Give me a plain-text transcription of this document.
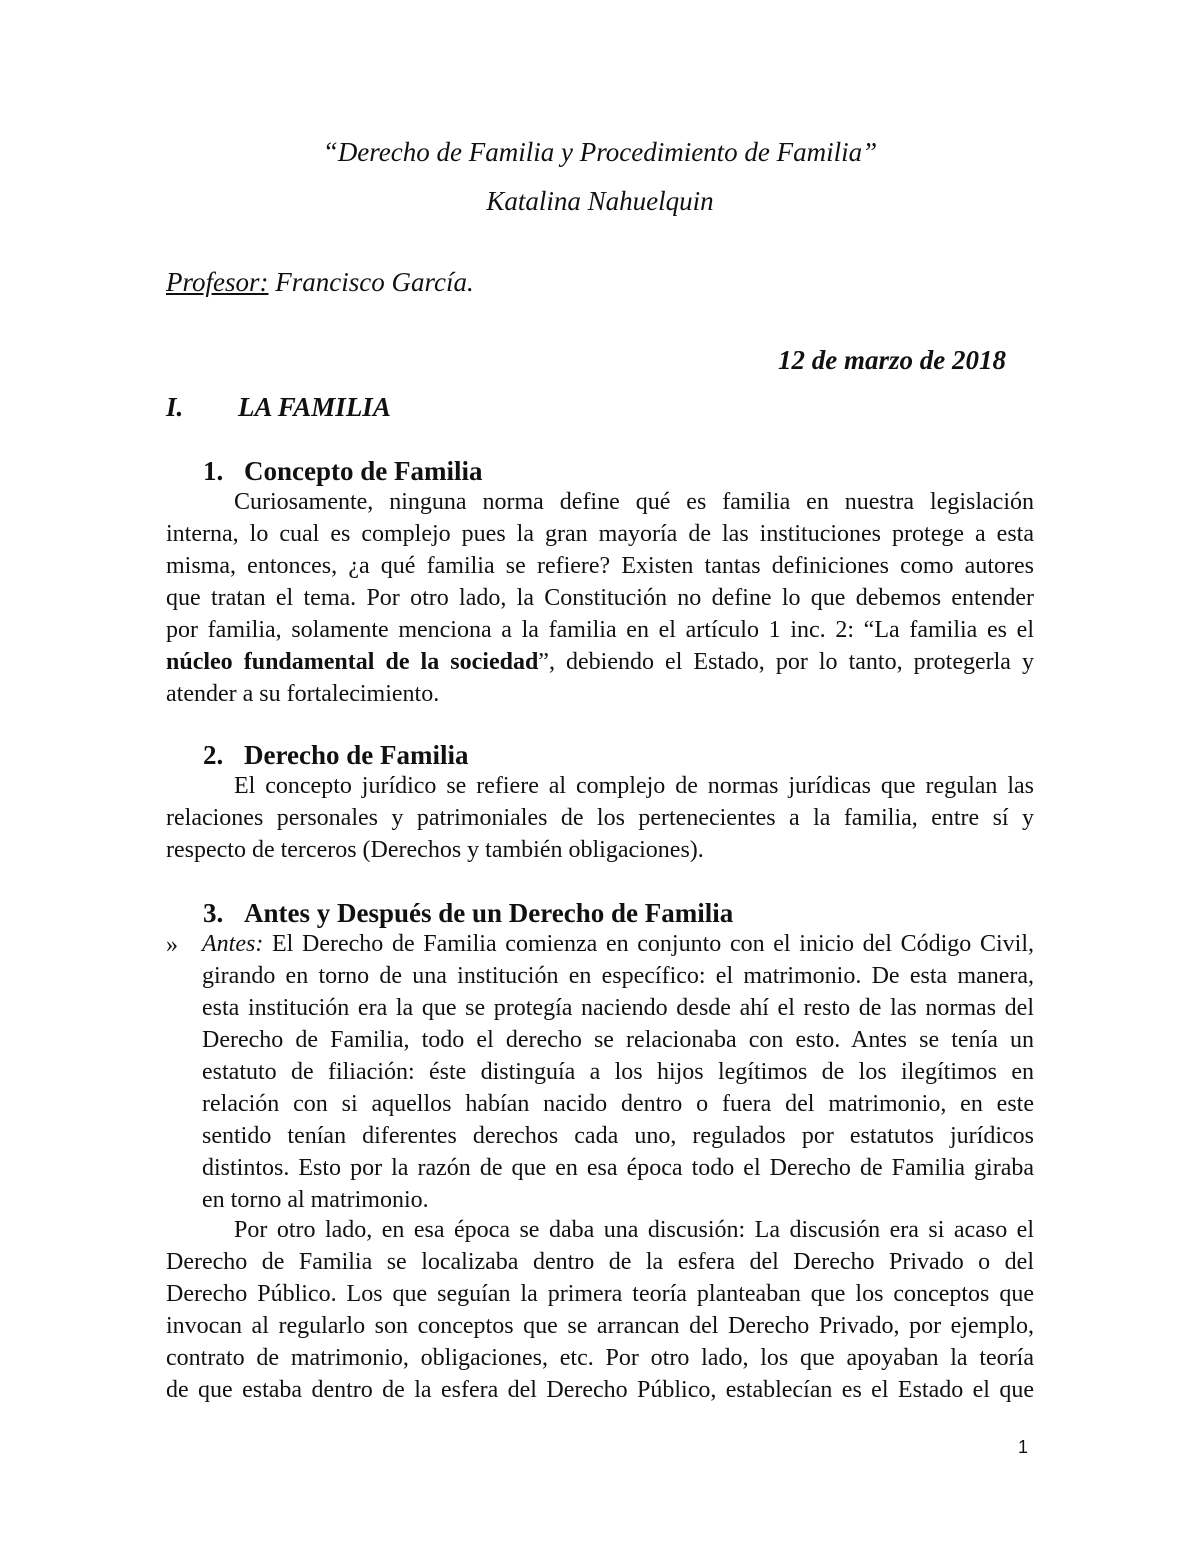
“Derecho de Familia y Procedimiento de Familia”

Katalina Nahuelquin

Profesor: Francisco García.

12 de marzo de 2018

I. LA FAMILIA

1. Concepto de Familia

Curiosamente, ninguna norma define qué es familia en nuestra legislación
interna, lo cual es complejo pues la gran mayoría de las instituciones protege a esta
misma, entonces, ¿a qué familia se refiere? Existen tantas definiciones como autores
que tratan el tema. Por otro lado, la Constitución no define lo que debemos entender
por familia, solamente menciona a la familia en el artículo 1 inc. 2: “La familia es el
núcleo fundamental de la sociedad”, debiendo el Estado, por lo tanto, protegerla y
atender a su fortalecimiento.

2. Derecho de Familia

El concepto jurídico se refiere al complejo de normas jurídicas que regulan las
relaciones personales y patrimoniales de los pertenecientes a la familia, entre sí y
respecto de terceros (Derechos y también obligaciones).

3. Antes y Después de un Derecho de Familia

» Antes: El Derecho de Familia comienza en conjunto con el inicio del Código Civil,
girando en torno de una institución en específico: el matrimonio. De esta manera,
esta institución era la que se protegía naciendo desde ahí el resto de las normas del
Derecho de Familia, todo el derecho se relacionaba con esto. Antes se tenía un
estatuto de filiación: éste distinguía a los hijos legítimos de los ilegítimos en
relación con si aquellos habían nacido dentro o fuera del matrimonio, en este
sentido tenían diferentes derechos cada uno, regulados por estatutos jurídicos
distintos. Esto por la razón de que en esa época todo el Derecho de Familia giraba
en torno al matrimonio.
Por otro lado, en esa época se daba una discusión: La discusión era si acaso el
Derecho de Familia se localizaba dentro de la esfera del Derecho Privado o del
Derecho Público. Los que seguían la primera teoría planteaban que los conceptos que
invocan al regularlo son conceptos que se arrancan del Derecho Privado, por ejemplo,
contrato de matrimonio, obligaciones, etc. Por otro lado, los que apoyaban la teoría
de que estaba dentro de la esfera del Derecho Público, establecían es el Estado el que

1
